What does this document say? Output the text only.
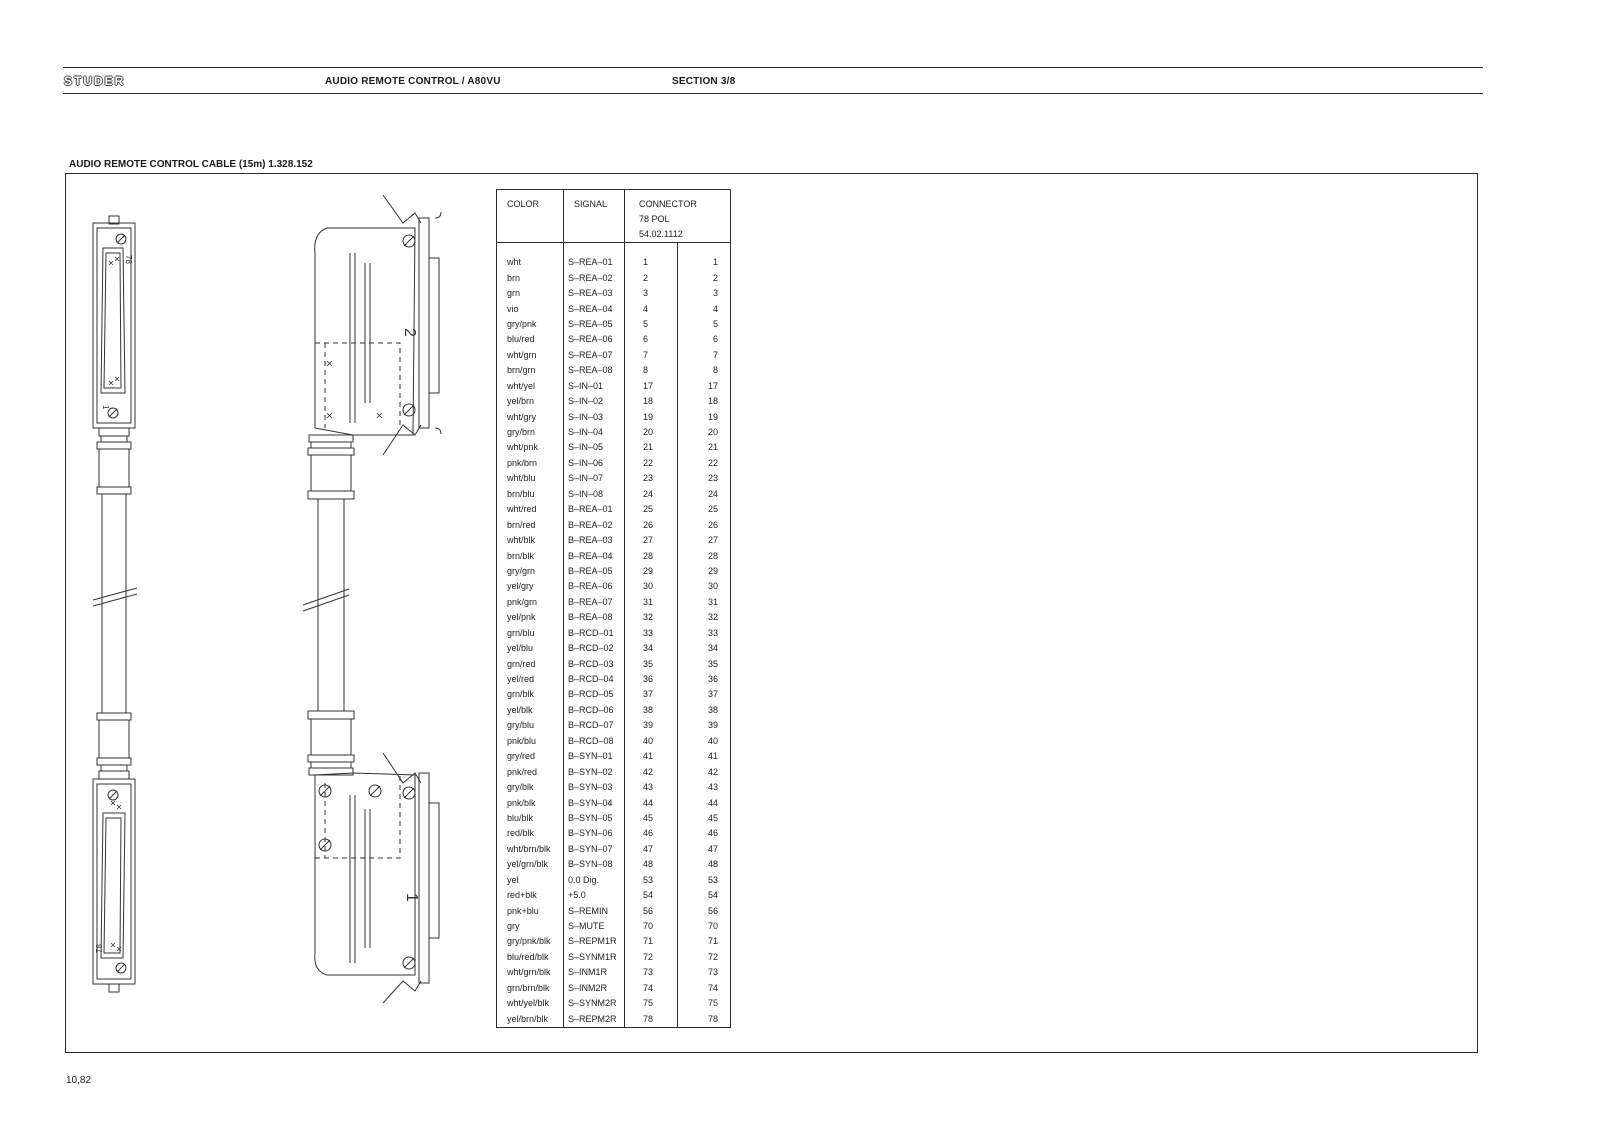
STUDER	AUDIO REMOTE CONTROL / A80VU	SECTION 3/8
AUDIO REMOTE CONTROL CABLE (15m) 1.328.152
78
1
78
2
1
COLOR	SIGNAL	CONNECTOR
78 POL
54.02.1112	

wht	S–REA–01	1	1
brn	S–REA–02	2	2
grn	S–REA–03	3	3
vio	S–REA–04	4	4
gry/pnk	S–REA–05	5	5
blu/red	S–REA–06	6	6
wht/grn	S–REA–07	7	7
brn/grn	S–REA–08	8	8
wht/yel	S–IN–01	17	17
yel/brn	S–IN–02	18	18
wht/gry	S–IN–03	19	19
gry/brn	S–IN–04	20	20
wht/pnk	S–IN–05	21	21
pnk/brn	S–IN–06	22	22
wht/blu	S–IN–07	23	23
brn/blu	S–IN–08	24	24
wht/red	B–REA–01	25	25
brn/red	B–REA–02	26	26
wht/blk	B–REA–03	27	27
brn/blk	B–REA–04	28	28
gry/grn	B–REA–05	29	29
yel/gry	B–REA–06	30	30
pnk/grn	B–REA–07	31	31
yel/pnk	B–REA–08	32	32
grn/blu	B–RCD–01	33	33
yel/blu	B–RCD–02	34	34
grn/red	B–RCD–03	35	35
yel/red	B–RCD–04	36	36
grn/blk	B–RCD–05	37	37
yel/blk	B–RCD–06	38	38
gry/blu	B–RCD–07	39	39
pnk/blu	B–RCD–08	40	40
gry/red	B–SYN–01	41	41
pnk/red	B–SYN–02	42	42
gry/blk	B–SYN–03	43	43
pnk/blk	B–SYN–04	44	44
blu/blk	B–SYN–05	45	45
red/blk	B–SYN–06	46	46
wht/brn/blk	B–SYN–07	47	47
yel/grn/blk	B–SYN–08	48	48
yel	0.0 Dig.	53	53
red+blk	+5.0	54	54
pnk+blu	S–REMIN	56	56
gry	S–MUTE	70	70
gry/pnk/blk	S–REPM1R	71	71
blu/red/blk	S–SYNM1R	72	72
wht/grn/blk	S–INM1R	73	73
grn/brn/blk	S–INM2R	74	74
wht/yel/blk	S–SYNM2R	75	75
yel/brn/blk	S–REPM2R	78	78
10,82
